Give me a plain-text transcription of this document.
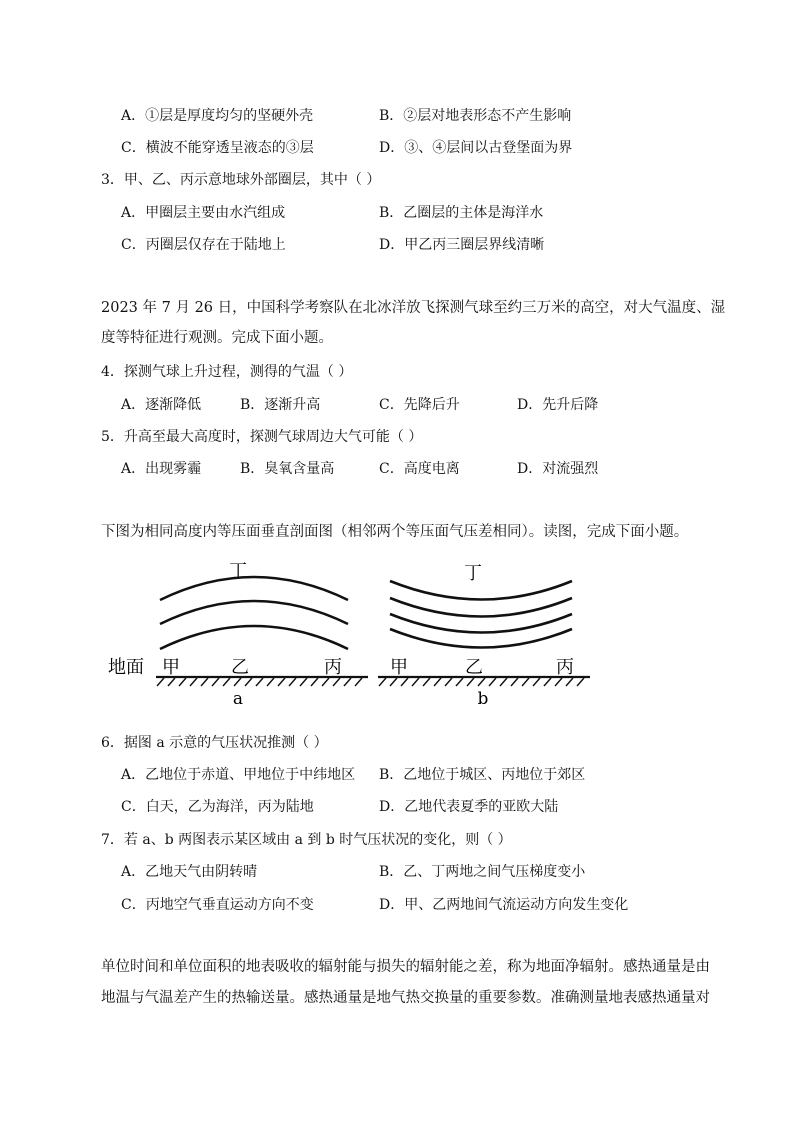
A．①层是厚度均匀的坚硬外壳	B．②层对地表形态不产生影响
C．横波不能穿透呈液态的③层	D．③、④层间以古登堡面为界
3．甲、乙、丙示意地球外部圈层，其中（ ）
A．甲圈层主要由水汽组成	B．乙圈层的主体是海洋水
C．丙圈层仅存在于陆地上	D．甲乙丙三圈层界线清晰
2023 年 7 月 26 日，中国科学考察队在北冰洋放飞探测气球至约三万米的高空，对大气温度、湿
度等特征进行观测。完成下面小题。
4．探测气球上升过程，测得的气温（ ）
A．逐渐降低	B．逐渐升高	C．先降后升	D．先升后降
5．升高至最大高度时，探测气球周边大气可能（ ）
A．出现雾霾	B．臭氧含量高	C．高度电离	D．对流强烈
下图为相同高度内等压面垂直剖面图（相邻两个等压面气压差相同）。读图，完成下面小题。
丁
地面 甲	乙	丙
a
丁
甲	乙	丙
b
6．据图 a 示意的气压状况推测（ ）
A．乙地位于赤道、甲地位于中纬地区 B．乙地位于城区、丙地位于郊区
C．白天，乙为海洋，丙为陆地	D．乙地代表夏季的亚欧大陆
7．若 a、b 两图表示某区域由 a 到 b 时气压状况的变化，则（ ）
A．乙地天气由阴转晴	B．乙、丁两地之间气压梯度变小
C．丙地空气垂直运动方向不变	D．甲、乙两地间气流运动方向发生变化
单位时间和单位面积的地表吸收的辐射能与损失的辐射能之差，称为地面净辐射。感热通量是由
地温与气温差产生的热输送量。感热通量是地气热交换量的重要参数。准确测量地表感热通量对
